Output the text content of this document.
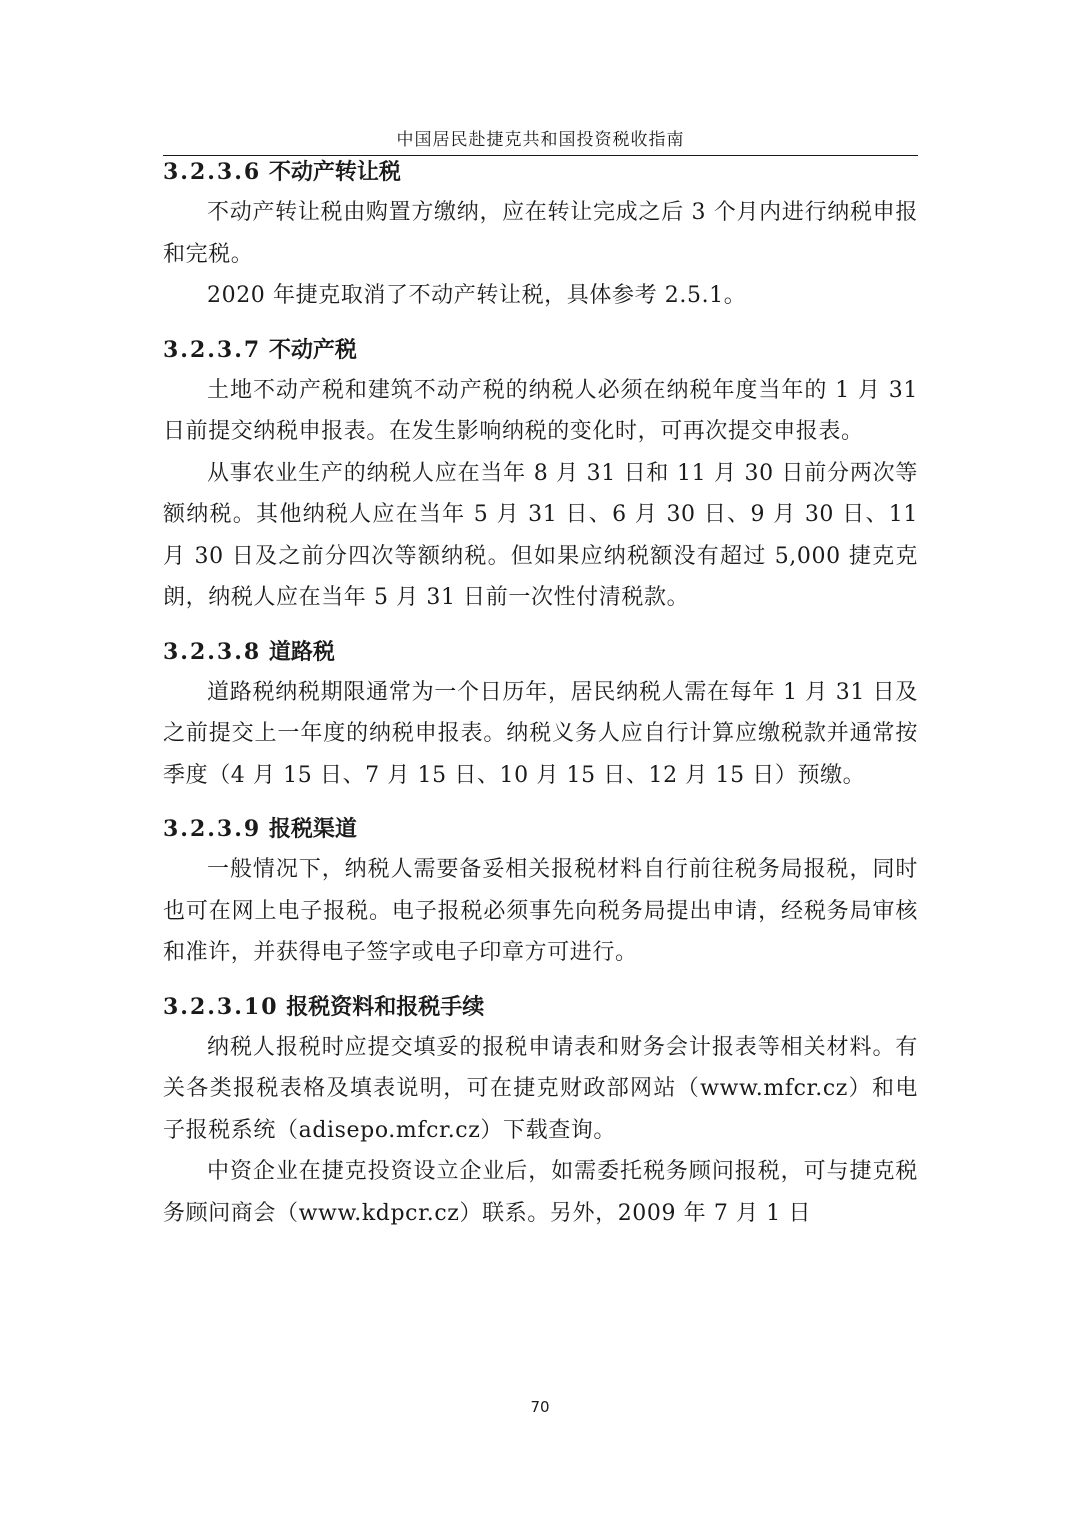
中国居民赴捷克共和国投资税收指南
3.2.3.6 不动产转让税

不动产转让税由购置方缴纳，应在转让完成之后 3 个月内进行纳税申报和完税。

2020 年捷克取消了不动产转让税，具体参考 2.5.1。

3.2.3.7 不动产税

土地不动产税和建筑不动产税的纳税人必须在纳税年度当年的 1 月 31 日前提交纳税申报表。在发生影响纳税的变化时，可再次提交申报表。

从事农业生产的纳税人应在当年 8 月 31 日和 11 月 30 日前分两次等额纳税。其他纳税人应在当年 5 月 31 日、6 月 30 日、9 月 30 日、11 月 30 日及之前分四次等额纳税。但如果应纳税额没有超过 5,000 捷克克朗，纳税人应在当年 5 月 31 日前一次性付清税款。

3.2.3.8 道路税

道路税纳税期限通常为一个日历年，居民纳税人需在每年 1 月 31 日及之前提交上一年度的纳税申报表。纳税义务人应自行计算应缴税款并通常按季度（4 月 15 日、7 月 15 日、10 月 15 日、12 月 15 日）预缴。

3.2.3.9 报税渠道

一般情况下，纳税人需要备妥相关报税材料自行前往税务局报税，同时也可在网上电子报税。电子报税必须事先向税务局提出申请，经税务局审核和准许，并获得电子签字或电子印章方可进行。

3.2.3.10 报税资料和报税手续

纳税人报税时应提交填妥的报税申请表和财务会计报表等相关材料。有关各类报税表格及填表说明，可在捷克财政部网站（www.mfcr.cz）和电子报税系统（adisepo.mfcr.cz）下载查询。

中资企业在捷克投资设立企业后，如需委托税务顾问报税，可与捷克税务顾问商会（www.kdpcr.cz）联系。另外，2009 年 7 月 1 日

70
